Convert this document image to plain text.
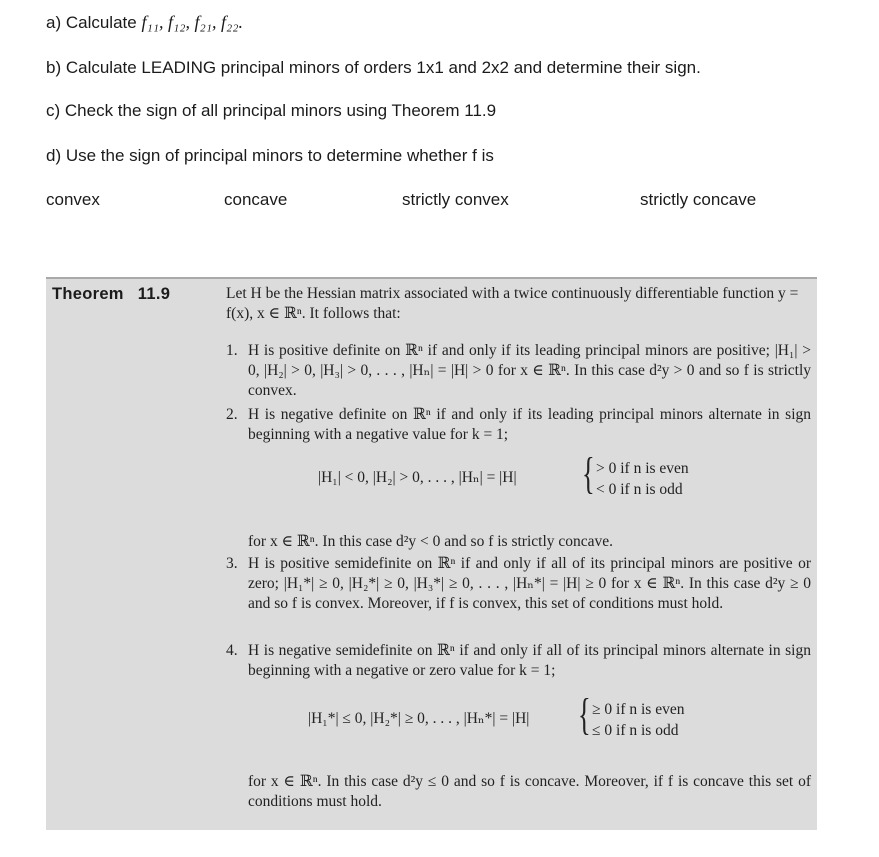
a) Calculate f₁₁, f₁₂, f₂₁, f₂₂.
b) Calculate LEADING principal minors of orders 1x1 and 2x2 and determine their sign.
c) Check the sign of all principal minors using Theorem 11.9
d) Use the sign of principal minors to determine whether f is
convex	concave	strictly convex	strictly concave
Theorem 11.9	Let H be the Hessian matrix associated with a twice continuously differentiable function y = f(x), x ∈ ℝⁿ. It follows that:
1. H is positive definite on ℝⁿ if and only if its leading principal minors are positive; |H₁| > 0, |H₂| > 0, |H₃| > 0, . . . , |Hₙ| = |H| > 0 for x ∈ ℝⁿ. In this case d²y > 0 and so f is strictly convex.
2. H is negative definite on ℝⁿ if and only if its leading principal minors alternate in sign beginning with a negative value for k = 1;
|H₁| < 0, |H₂| > 0, . . . , |Hₙ| = |H| { > 0 if n is even
< 0 if n is odd
for x ∈ ℝⁿ. In this case d²y < 0 and so f is strictly concave.
3. H is positive semidefinite on ℝⁿ if and only if all of its principal minors are positive or zero; |H₁*| ≥ 0, |H₂*| ≥ 0, |H₃*| ≥ 0, . . . , |Hₙ*| = |H| ≥ 0 for x ∈ ℝⁿ. In this case d²y ≥ 0 and so f is convex. Moreover, if f is convex, this set of conditions must hold.
4. H is negative semidefinite on ℝⁿ if and only if all of its principal minors alternate in sign beginning with a negative or zero value for k = 1;
|H₁*| ≤ 0, |H₂*| ≥ 0, . . . , |Hₙ*| = |H| { ≥ 0 if n is even
≤ 0 if n is odd
for x ∈ ℝⁿ. In this case d²y ≤ 0 and so f is concave. Moreover, if f is concave this set of conditions must hold.
